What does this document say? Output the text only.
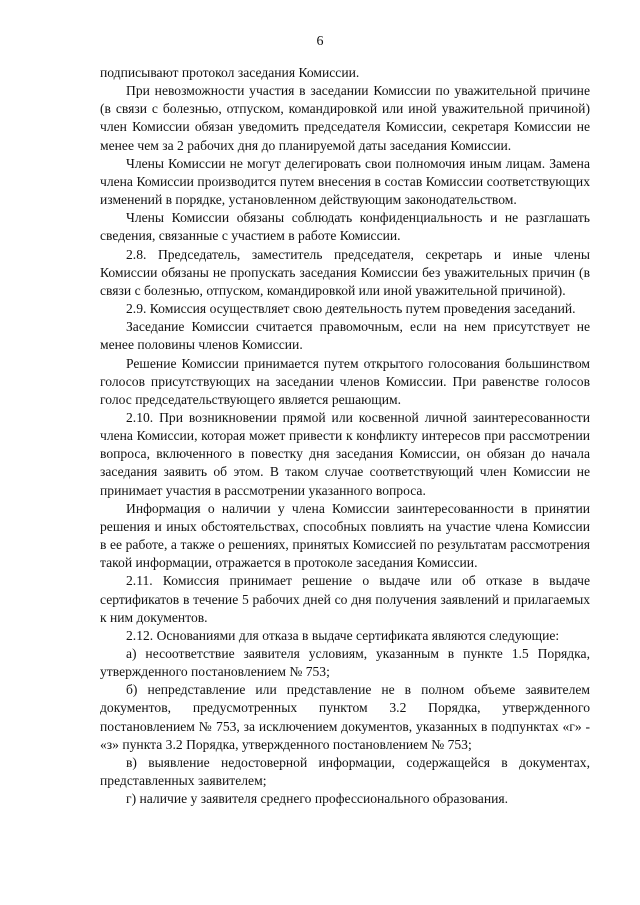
6

подписывают протокол заседания Комиссии.

При невозможности участия в заседании Комиссии по уважительной причине (в связи с болезнью, отпуском, командировкой или иной уважительной причиной) член Комиссии обязан уведомить председателя Комиссии, секретаря Комиссии не менее чем за 2 рабочих дня до планируемой даты заседания Комиссии.

Члены Комиссии не могут делегировать свои полномочия иным лицам. Замена члена Комиссии производится путем внесения в состав Комиссии соответствующих изменений в порядке, установленном действующим законодательством.

Члены Комиссии обязаны соблюдать конфиденциальность и не разглашать сведения, связанные с участием в работе Комиссии.

2.8. Председатель, заместитель председателя, секретарь и иные члены Комиссии обязаны не пропускать заседания Комиссии без уважительных причин (в связи с болезнью, отпуском, командировкой или иной уважительной причиной).

2.9. Комиссия осуществляет свою деятельность путем проведения заседаний.

Заседание Комиссии считается правомочным, если на нем присутствует не менее половины членов Комиссии.

Решение Комиссии принимается путем открытого голосования большинством голосов присутствующих на заседании членов Комиссии. При равенстве голосов голос председательствующего является решающим.

2.10. При возникновении прямой или косвенной личной заинтересованности члена Комиссии, которая может привести к конфликту интересов при рассмотрении вопроса, включенного в повестку дня заседания Комиссии, он обязан до начала заседания заявить об этом. В таком случае соответствующий член Комиссии не принимает участия в рассмотрении указанного вопроса.

Информация о наличии у члена Комиссии заинтересованности в принятии решения и иных обстоятельствах, способных повлиять на участие члена Комиссии в ее работе, а также о решениях, принятых Комиссией по результатам рассмотрения такой информации, отражается в протоколе заседания Комиссии.

2.11. Комиссия принимает решение о выдаче или об отказе в выдаче сертификатов в течение 5 рабочих дней со дня получения заявлений и прилагаемых к ним документов.

2.12. Основаниями для отказа в выдаче сертификата являются следующие:

а) несоответствие заявителя условиям, указанным в пункте 1.5 Порядка, утвержденного постановлением № 753;

б) непредставление или представление не в полном объеме заявителем документов, предусмотренных пунктом 3.2 Порядка, утвержденного постановлением № 753, за исключением документов, указанных в подпунктах «г» - «з» пункта 3.2 Порядка, утвержденного постановлением № 753;

в) выявление недостоверной информации, содержащейся в документах, представленных заявителем;

г) наличие у заявителя среднего профессионального образования.
